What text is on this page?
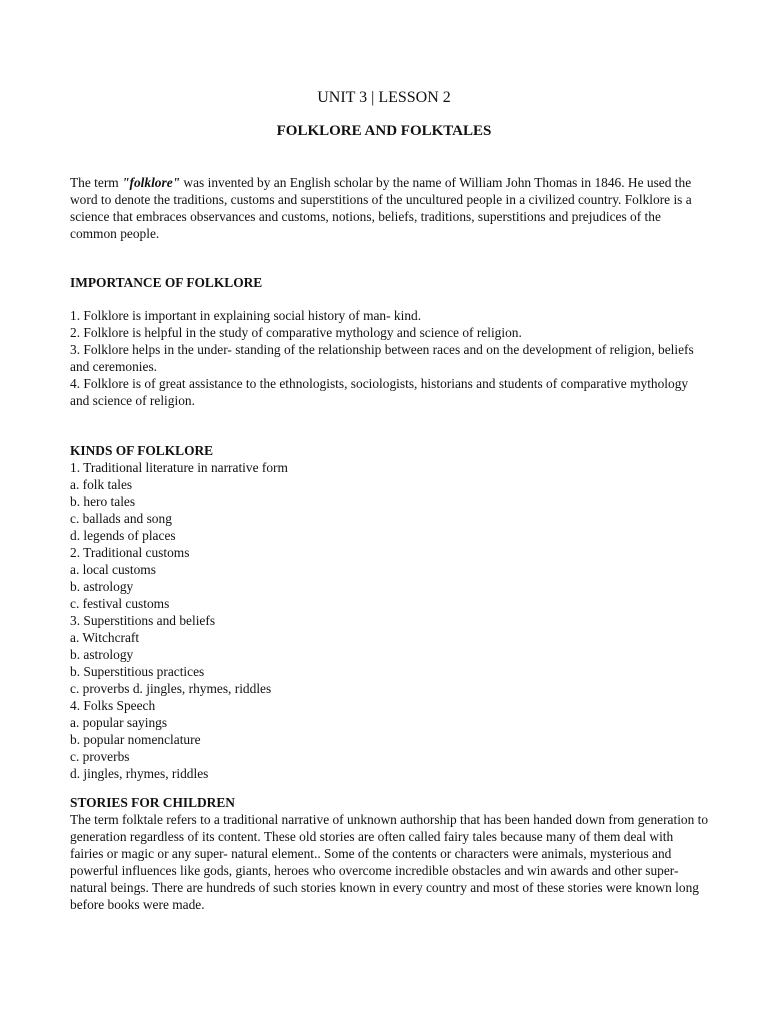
UNIT 3 | LESSON 2
FOLKLORE AND FOLKTALES

The term "folklore" was invented by an English scholar by the name of William John Thomas in 1846. He used the word to denote the traditions, customs and superstitions of the uncultured people in a civilized country. Folklore is a science that embraces observances and customs, notions, beliefs, traditions, superstitions and prejudices of the common people.

IMPORTANCE OF FOLKLORE

1. Folklore is important in explaining social history of man- kind.

2. Folklore is helpful in the study of comparative mythology and science of religion.

3. Folklore helps in the under- standing of the relationship between races and on the development of religion, beliefs and ceremonies.

4. Folklore is of great assistance to the ethnologists, sociologists, historians and students of comparative mythology and science of religion.

KINDS OF FOLKLORE
1. Traditional literature in narrative form
a. folk tales
b. hero tales
c. ballads and song
d. legends of places
2. Traditional customs
a. local customs
b. astrology
c. festival customs
3. Superstitions and beliefs
a. Witchcraft
b. astrology
b. Superstitious practices
c. proverbs d. jingles, rhymes, riddles
4. Folks Speech
a. popular sayings
b. popular nomenclature
c. proverbs
d. jingles, rhymes, riddles
STORIES FOR CHILDREN

The term folktale refers to a traditional narrative of unknown authorship that has been handed down from generation to generation regardless of its content. These old stories are often called fairy tales because many of them deal with fairies or magic or any super- natural element.. Some of the contents or characters were animals, mysterious and powerful influences like gods, giants, heroes who overcome incredible obstacles and win awards and other super- natural beings. There are hundreds of such stories known in every country and most of these stories were known long before books were made.
